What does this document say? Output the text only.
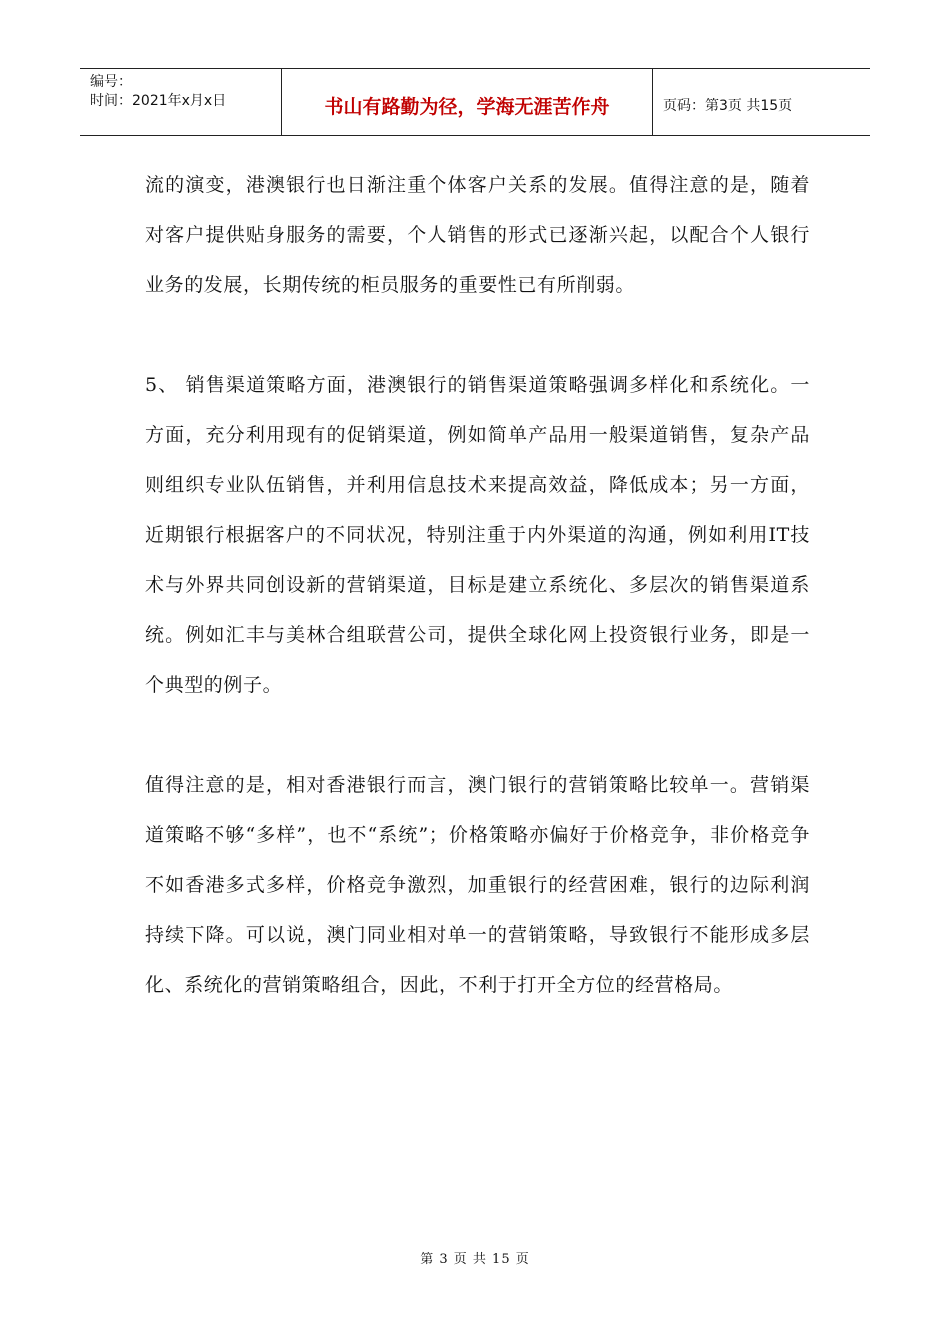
编号：
时间：2021年x月x日	书山有路勤为径，学海无涯苦作舟	页码：第3页 共15页

流的演变，港澳银行也日渐注重个体客户关系的发展。值得注意的是，随着对客户提供贴身服务的需要，个人销售的形式已逐渐兴起，以配合个人银行业务的发展，长期传统的柜员服务的重要性已有所削弱。

5、 销售渠道策略方面，港澳银行的销售渠道策略强调多样化和系统化。一方面，充分利用现有的促销渠道，例如简单产品用一般渠道销售，复杂产品则组织专业队伍销售，并利用信息技术来提高效益，降低成本；另一方面，近期银行根据客户的不同状况，特别注重于内外渠道的沟通，例如利用IT技术与外界共同创设新的营销渠道，目标是建立系统化、多层次的销售渠道系统。例如汇丰与美林合组联营公司，提供全球化网上投资银行业务，即是一个典型的例子。

值得注意的是，相对香港银行而言，澳门银行的营销策略比较单一。营销渠道策略不够“多样”，也不“系统”；价格策略亦偏好于价格竞争，非价格竞争不如香港多式多样，价格竞争激烈，加重银行的经营困难，银行的边际利润持续下降。可以说，澳门同业相对单一的营销策略，导致银行不能形成多层化、系统化的营销策略组合，因此，不利于打开全方位的经营格局。

第 3 页 共 15 页
